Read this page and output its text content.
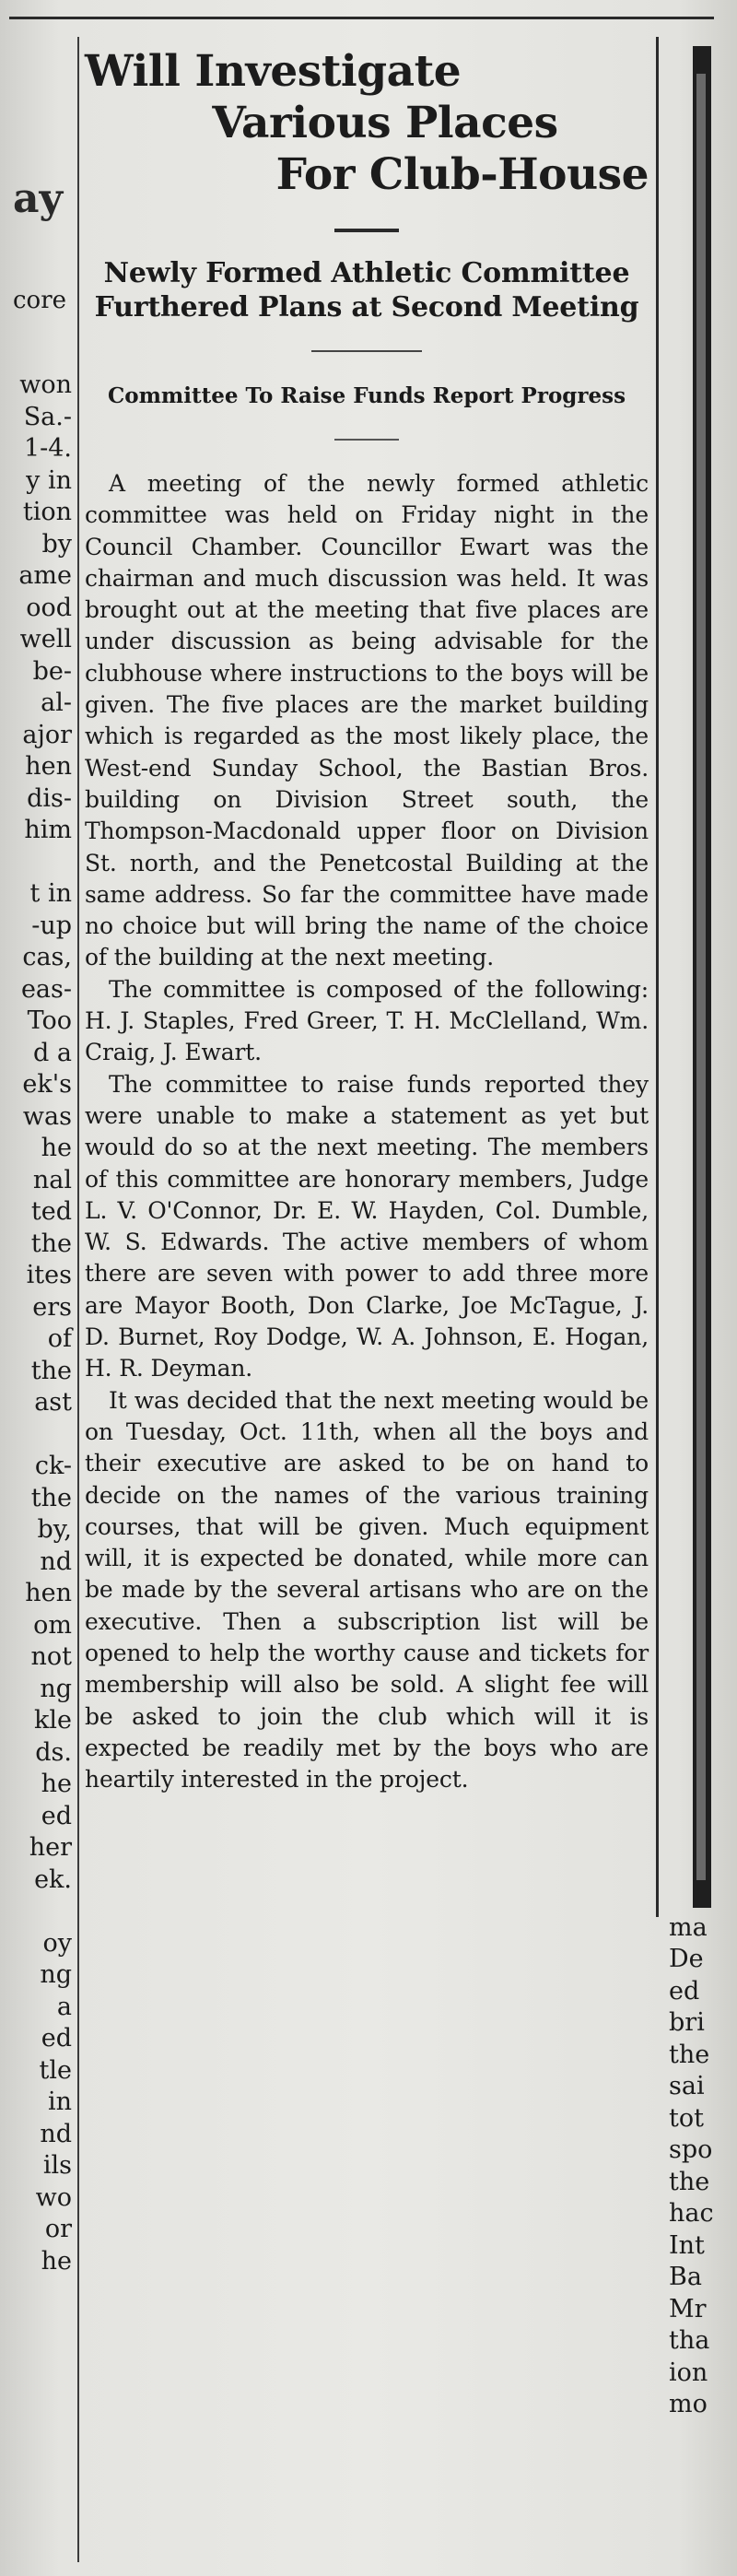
ay
core
won
Sa.-
1-4.
y in
tion
by
ame
ood
well
be-
al-
ajor
hen
dis-
him

t in
-up
cas,
eas-
Too
d a
ek's
was
he
nal
ted
the
ites
ers
of
the
ast

ck-
the
by,
nd
hen
om
not
ng
kle
ds.
he
ed
her
ek.

oy
ng
a
ed
tle
in
nd
ils
wo
or
he

ma
De
ed
bri
the
sai
tot
spo
the
hac
Int
Ba
Mr
tha
ion
mo
Will Investigate
Various Places
For Club-House
Newly Formed Athletic Committee Furthered Plans at Second Meeting
Committee To Raise Funds Report Progress

A meeting of the newly formed athletic committee was held on Friday night in the Council Chamber. Councillor Ewart was the chairman and much discussion was held. It was brought out at the meeting that five places are under discussion as being advisable for the clubhouse where instructions to the boys will be given. The five places are the market building which is regarded as the most likely place, the West-end Sunday School, the Bastian Bros. building on Division Street south, the Thompson-Macdonald upper floor on Division St. north, and the Penetcostal Building at the same address. So far the committee have made no choice but will bring the name of the choice of the building at the next meeting.

The committee is composed of the following: H. J. Staples, Fred Greer, T. H. McClelland, Wm. Craig, J. Ewart.

The committee to raise funds reported they were unable to make a statement as yet but would do so at the next meeting. The members of this committee are honorary members, Judge L. V. O'Connor, Dr. E. W. Hayden, Col. Dumble, W. S. Edwards. The active members of whom there are seven with power to add three more are Mayor Booth, Don Clarke, Joe McTague, J. D. Burnet, Roy Dodge, W. A. Johnson, E. Hogan, H. R. Deyman.

It was decided that the next meeting would be on Tuesday, Oct. 11th, when all the boys and their executive are asked to be on hand to decide on the names of the various training courses, that will be given. Much equipment will, it is expected be donated, while more can be made by the several artisans who are on the executive. Then a subscription list will be opened to help the worthy cause and tickets for membership will also be sold. A slight fee will be asked to join the club which will it is expected be readily met by the boys who are heartily interested in the project.
